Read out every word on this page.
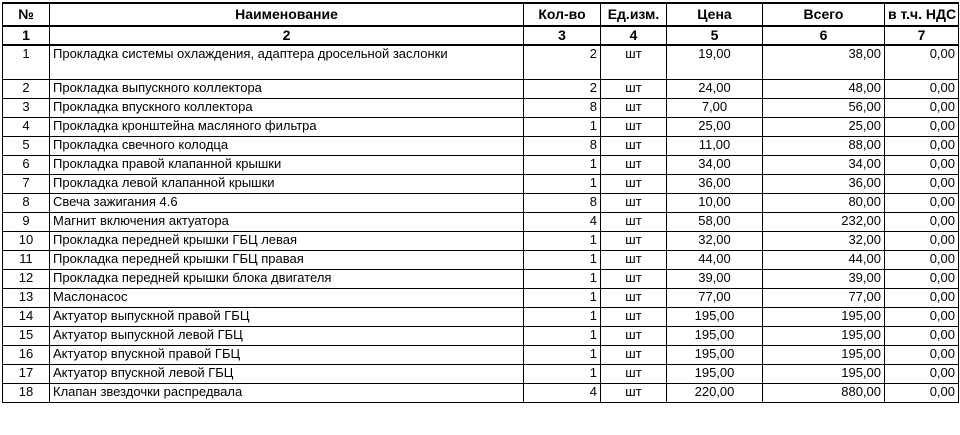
№	Наименование	Кол-во	Ед.изм.	Цена	Всего	в т.ч. НДС
1	2	3	4	5	6	7
1	Прокладка системы охлаждения, адаптера дросельной заслонки	2	шт	19,00	38,00	0,00
2	Прокладка выпускного коллектора	2	шт	24,00	48,00	0,00
3	Прокладка впускного коллектора	8	шт	7,00	56,00	0,00
4	Прокладка кронштейна масляного фильтра	1	шт	25,00	25,00	0,00
5	Прокладка свечного колодца	8	шт	11,00	88,00	0,00
6	Прокладка правой клапанной крышки	1	шт	34,00	34,00	0,00
7	Прокладка левой клапанной крышки	1	шт	36,00	36,00	0,00
8	Свеча зажигания 4.6	8	шт	10,00	80,00	0,00
9	Магнит включения актуатора	4	шт	58,00	232,00	0,00
10	Прокладка передней крышки ГБЦ левая	1	шт	32,00	32,00	0,00
11	Прокладка передней крышки ГБЦ правая	1	шт	44,00	44,00	0,00
12	Прокладка передней крышки блока двигателя	1	шт	39,00	39,00	0,00
13	Маслонасос	1	шт	77,00	77,00	0,00
14	Актуатор выпускной правой ГБЦ	1	шт	195,00	195,00	0,00
15	Актуатор выпускной левой ГБЦ	1	шт	195,00	195,00	0,00
16	Актуатор впускной правой ГБЦ	1	шт	195,00	195,00	0,00
17	Актуатор впускной левой ГБЦ	1	шт	195,00	195,00	0,00
18	Клапан звездочки распредвала	4	шт	220,00	880,00	0,00
